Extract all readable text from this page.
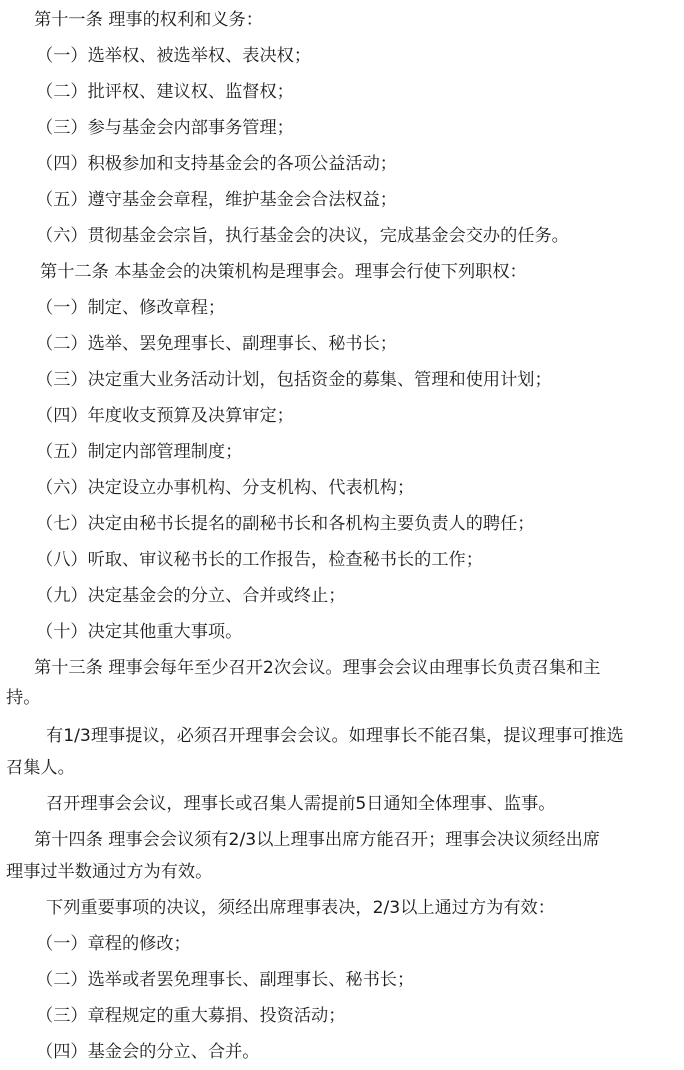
第十一条 理事的权利和义务：
（一）选举权、被选举权、表决权；
（二）批评权、建议权、监督权；
（三）参与基金会内部事务管理；
（四）积极参加和支持基金会的各项公益活动；
（五）遵守基金会章程，维护基金会合法权益；
（六）贯彻基金会宗旨，执行基金会的决议，完成基金会交办的任务。
第十二条 本基金会的决策机构是理事会。理事会行使下列职权：
（一）制定、修改章程；
（二）选举、罢免理事长、副理事长、秘书长；
（三）决定重大业务活动计划，包括资金的募集、管理和使用计划；
（四）年度收支预算及决算审定；
（五）制定内部管理制度；
（六）决定设立办事机构、分支机构、代表机构；
（七）决定由秘书长提名的副秘书长和各机构主要负责人的聘任；
（八）听取、审议秘书长的工作报告，检查秘书长的工作；
（九）决定基金会的分立、合并或终止；
（十）决定其他重大事项。
第十三条 理事会每年至少召开2次会议。理事会会议由理事长负责召集和主
持。
有1/3理事提议，必须召开理事会会议。如理事长不能召集，提议理事可推选
召集人。
召开理事会会议，理事长或召集人需提前5日通知全体理事、监事。
第十四条 理事会会议须有2/3以上理事出席方能召开；理事会决议须经出席
理事过半数通过方为有效。
下列重要事项的决议，须经出席理事表决，2/3以上通过方为有效：
（一）章程的修改；
（二）选举或者罢免理事长、副理事长、秘书长；
（三）章程规定的重大募捐、投资活动；
（四）基金会的分立、合并。
